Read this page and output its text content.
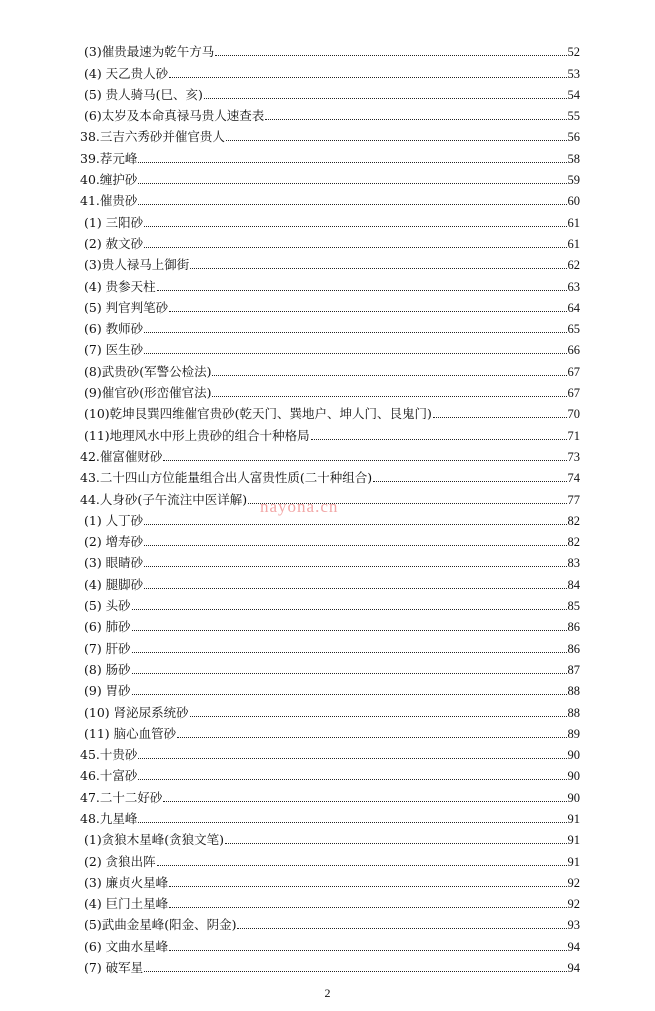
(3)催贵最速为乾午方马	52
(4) 天乙贵人砂	53
(5) 贵人骑马(巳、亥)	54
(6)太岁及本命真禄马贵人速查表	55
38.三吉六秀砂并催官贵人	56
39.荐元峰	58
40.缠护砂	59
41.催贵砂	60
(1) 三阳砂	61
(2) 赦文砂	61
(3)贵人禄马上御街	62
(4) 贵参天柱	63
(5) 判官判笔砂	64
(6) 教师砂	65
(7) 医生砂	66
(8)武贵砂(军警公检法)	67
(9)催官砂(形峦催官法)	67
(10)乾坤艮巽四维催官贵砂(乾天门、巽地户、坤人门、艮鬼门)	70
(11)地理风水中形上贵砂的组合十种格局	71
42.催富催财砂	73
43.二十四山方位能量组合出人富贵性质(二十种组合)	74
44.人身砂(子午流注中医详解)	77
(1) 人丁砂	82
(2) 增寿砂	82
(3) 眼睛砂	83
(4) 腿脚砂	84
(5) 头砂	85
(6) 肺砂	86
(7) 肝砂	86
(8) 肠砂	87
(9) 胃砂	88
(10) 肾泌尿系统砂	88
(11) 脑心血管砂	89
45.十贵砂	90
46.十富砂	90
47.二十二好砂	90
48.九星峰	91
(1)贪狼木星峰(贪狼文笔)	91
(2) 贪狼出阵	91
(3) 廉贞火星峰	92
(4) 巨门土星峰	92
(5)武曲金星峰(阳金、阴金)	93
(6) 文曲水星峰	94
(7) 破军星	94
nayona.cn
2
